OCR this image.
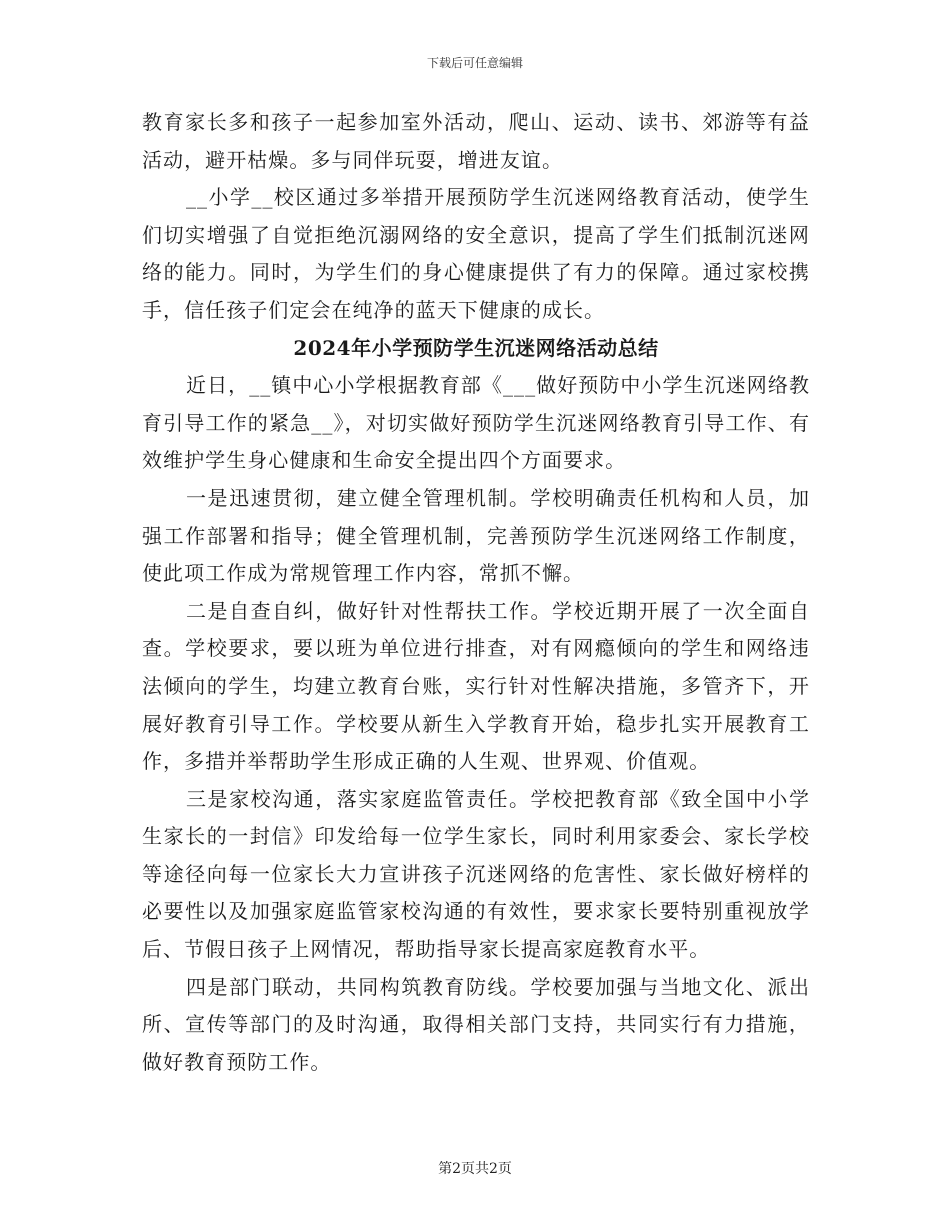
下载后可任意编辑

教育家长多和孩子一起参加室外活动，爬山、运动、读书、郊游等有益活动，避开枯燥。多与同伴玩耍，增进友谊。

__小学__校区通过多举措开展预防学生沉迷网络教育活动，使学生们切实增强了自觉拒绝沉溺网络的安全意识，提高了学生们抵制沉迷网络的能力。同时，为学生们的身心健康提供了有力的保障。通过家校携手，信任孩子们定会在纯净的蓝天下健康的成长。

2024年小学预防学生沉迷网络活动总结

近日，__镇中心小学根据教育部《___做好预防中小学生沉迷网络教育引导工作的紧急__》，对切实做好预防学生沉迷网络教育引导工作、有效维护学生身心健康和生命安全提出四个方面要求。

一是迅速贯彻，建立健全管理机制。学校明确责任机构和人员，加强工作部署和指导；健全管理机制，完善预防学生沉迷网络工作制度，使此项工作成为常规管理工作内容，常抓不懈。

二是自查自纠，做好针对性帮扶工作。学校近期开展了一次全面自查。学校要求，要以班为单位进行排查，对有网瘾倾向的学生和网络违法倾向的学生，均建立教育台账，实行针对性解决措施，多管齐下，开展好教育引导工作。学校要从新生入学教育开始，稳步扎实开展教育工作，多措并举帮助学生形成正确的人生观、世界观、价值观。

三是家校沟通，落实家庭监管责任。学校把教育部《致全国中小学生家长的一封信》印发给每一位学生家长，同时利用家委会、家长学校等途径向每一位家长大力宣讲孩子沉迷网络的危害性、家长做好榜样的必要性以及加强家庭监管家校沟通的有效性，要求家长要特别重视放学后、节假日孩子上网情况，帮助指导家长提高家庭教育水平。

四是部门联动，共同构筑教育防线。学校要加强与当地文化、派出所、宣传等部门的及时沟通，取得相关部门支持，共同实行有力措施，做好教育预防工作。

第2页共2页
